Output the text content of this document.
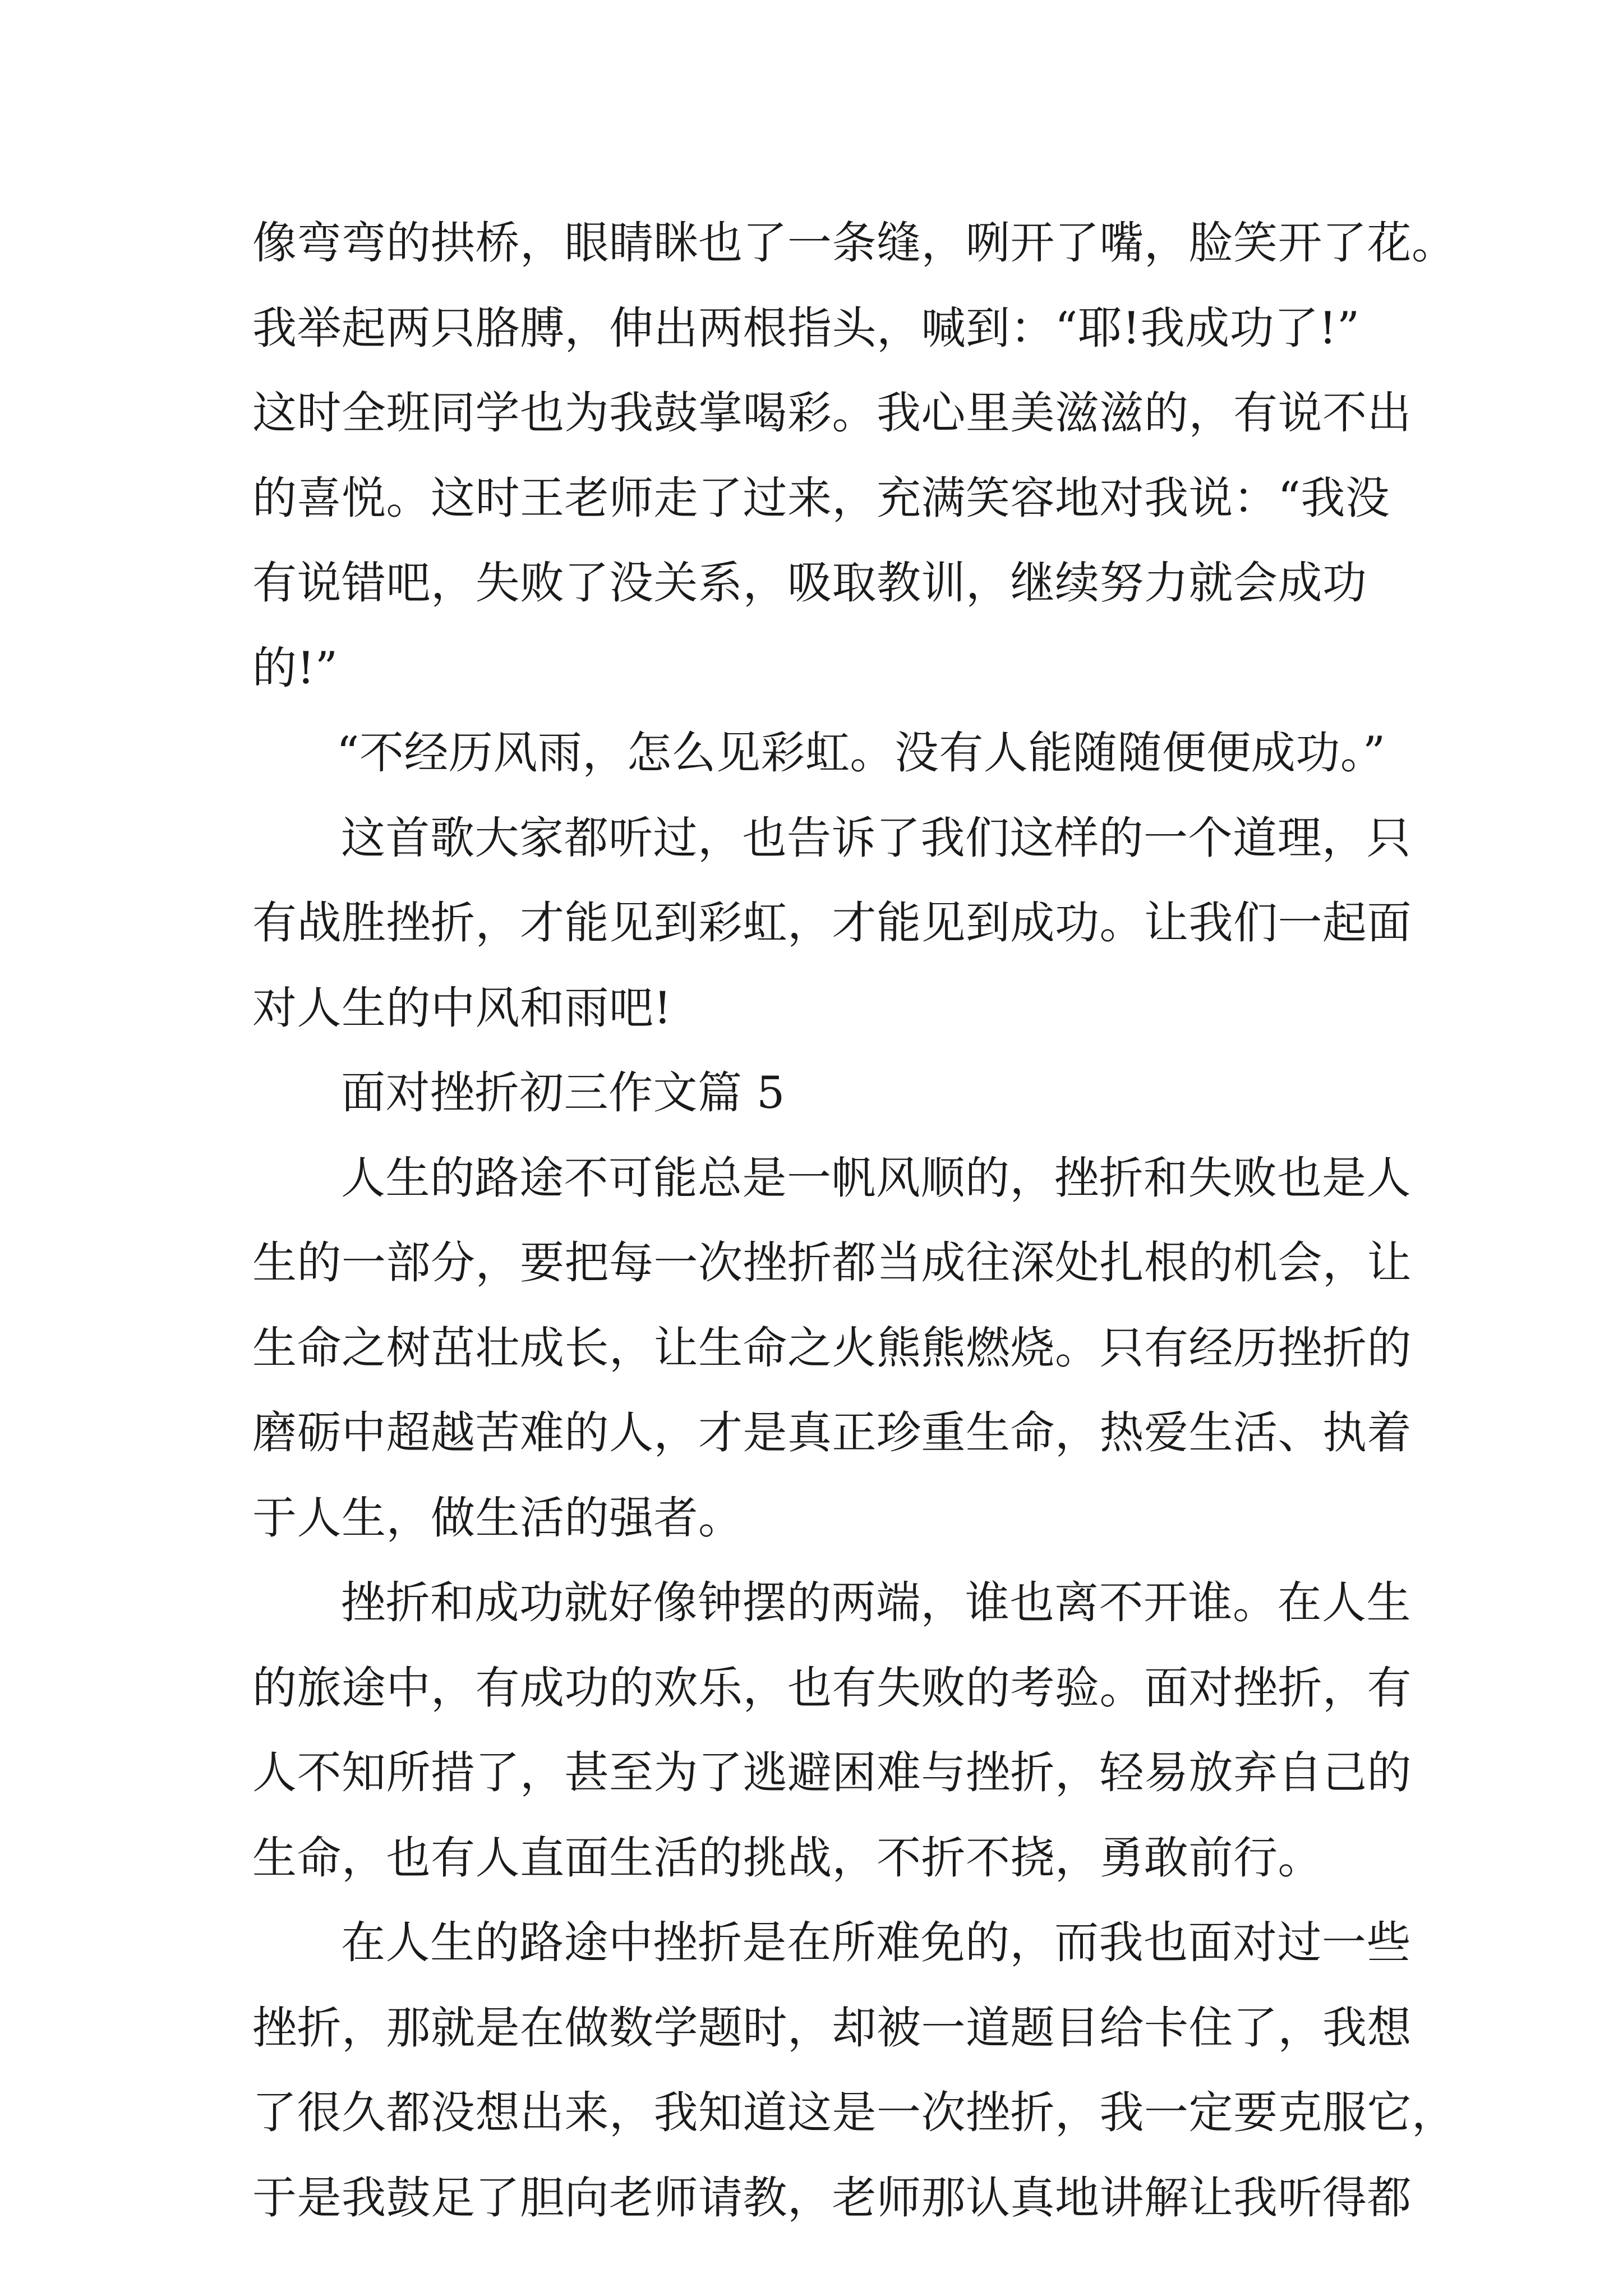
像弯弯的拱桥，眼睛眯也了一条缝，咧开了嘴，脸笑开了花。
我举起两只胳膊，伸出两根指头，喊到：“耶!我成功了!”
这时全班同学也为我鼓掌喝彩。我心里美滋滋的，有说不出
的喜悦。这时王老师走了过来，充满笑容地对我说：“我没
有说错吧，失败了没关系，吸取教训，继续努力就会成功
的!”
“不经历风雨，怎么见彩虹。没有人能随随便便成功。”
这首歌大家都听过，也告诉了我们这样的一个道理，只
有战胜挫折，才能见到彩虹，才能见到成功。让我们一起面
对人生的中风和雨吧!
面对挫折初三作文篇 5
人生的路途不可能总是一帆风顺的，挫折和失败也是人
生的一部分，要把每一次挫折都当成往深处扎根的机会，让
生命之树茁壮成长，让生命之火熊熊燃烧。只有经历挫折的
磨砺中超越苦难的人，才是真正珍重生命，热爱生活、执着
于人生，做生活的强者。
挫折和成功就好像钟摆的两端，谁也离不开谁。在人生
的旅途中，有成功的欢乐，也有失败的考验。面对挫折，有
人不知所措了，甚至为了逃避困难与挫折，轻易放弃自己的
生命，也有人直面生活的挑战，不折不挠，勇敢前行。
在人生的路途中挫折是在所难免的，而我也面对过一些
挫折，那就是在做数学题时，却被一道题目给卡住了，我想
了很久都没想出来，我知道这是一次挫折，我一定要克服它，
于是我鼓足了胆向老师请教，老师那认真地讲解让我听得都
